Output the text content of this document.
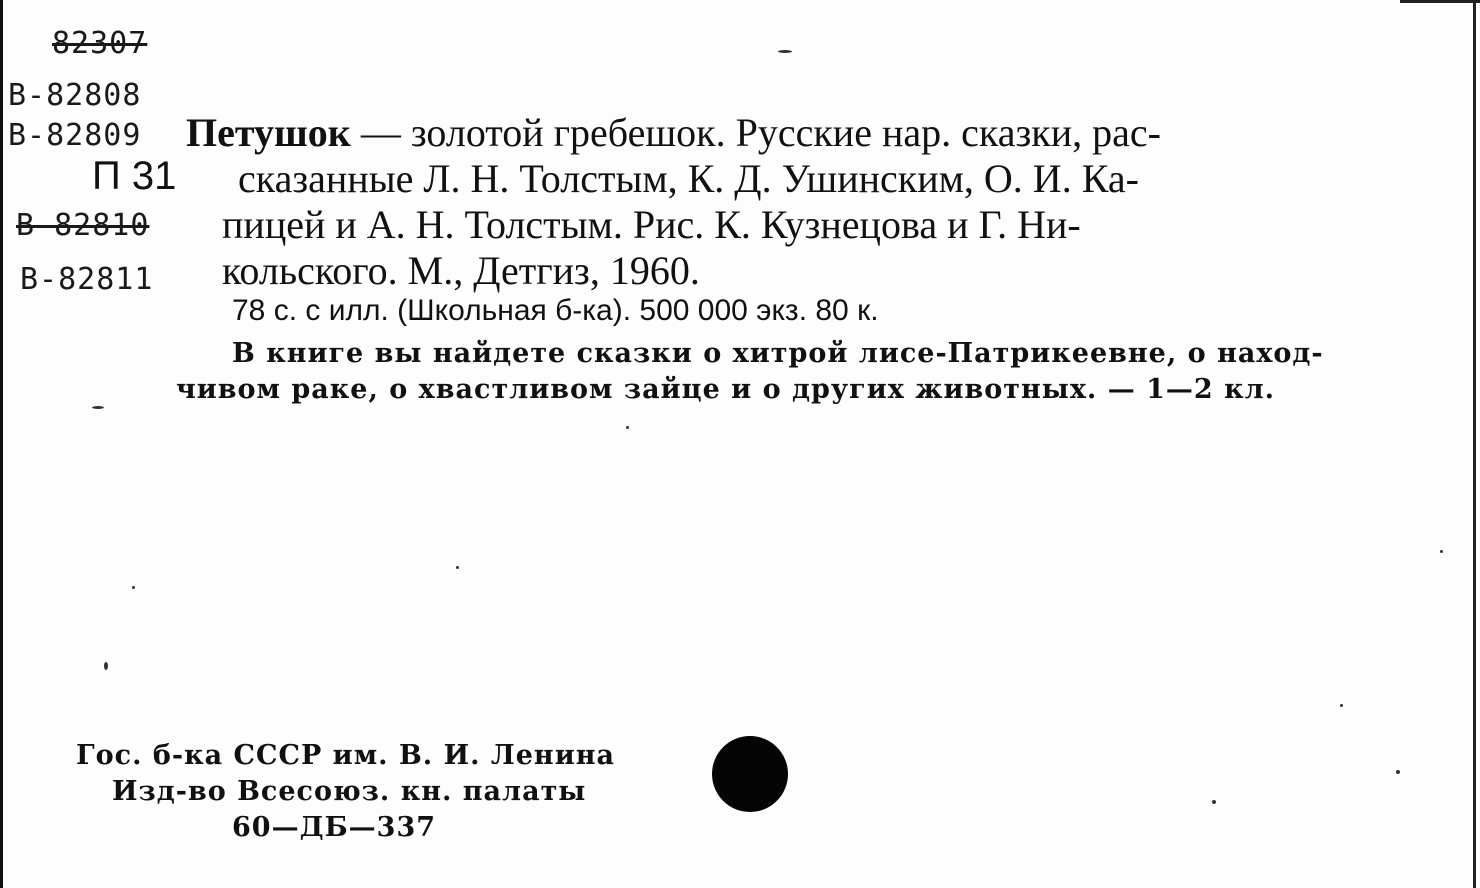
82307
B-82808
B-82809
B-82810
B-82811
П 31
Петушок — золотой гребешок. Русские нар. сказки, рас-
сказанные Л. Н. Толстым, К. Д. Ушинским, О. И. Ка-
пицей и А. Н. Толстым. Рис. К. Кузнецова и Г. Ни-
кольского. М., Детгиз, 1960.
78 с. с илл. (Школьная б-ка). 500 000 экз. 80 к.
В книге вы найдете сказки о хитрой лисе-Патрикеевне, о наход-
чивом раке, о хвастливом зайце и о других животных. — 1—2 кл.
Гос. б-ка СССР им. В. И. Ленина
Изд-во Всесоюз. кн. палаты
60—ДБ—337
